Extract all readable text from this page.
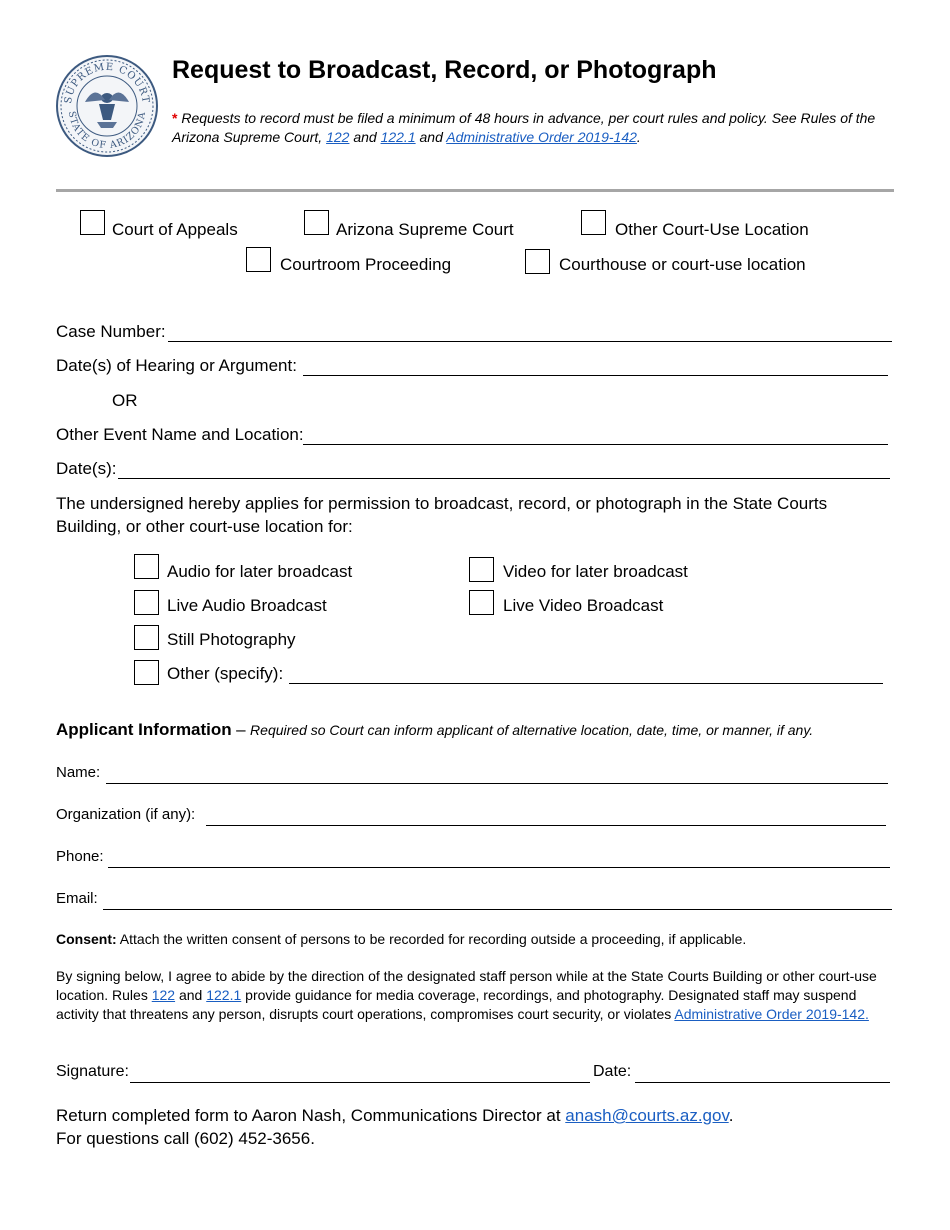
SUPREME COURT
STATE OF ARIZONA
Request to Broadcast, Record, or Photograph
* Requests to record must be filed a minimum of 48 hours in advance, per court rules and policy. See Rules of the Arizona Supreme Court, 122 and 122.1 and Administrative Order 2019-142.
Court of Appeals	Arizona Supreme Court	Other Court-Use Location
Courtroom Proceeding	Courthouse or court-use location
Case Number:
Date(s) of Hearing or Argument:
OR
Other Event Name and Location:
Date(s):
The undersigned hereby applies for permission to broadcast, record, or photograph in the State Courts Building, or other court-use location for:
Audio for later broadcast	Video for later broadcast
Live Audio Broadcast	Live Video Broadcast
Still Photography
Other (specify):
Applicant Information – Required so Court can inform applicant of alternative location, date, time, or manner, if any.
Name:
Organization (if any):
Phone:
Email:
Consent: Attach the written consent of persons to be recorded for recording outside a proceeding, if applicable.
By signing below, I agree to abide by the direction of the designated staff person while at the State Courts Building or other court-use location. Rules 122 and 122.1 provide guidance for media coverage, recordings, and photography. Designated staff may suspend activity that threatens any person, disrupts court operations, compromises court security, or violates Administrative Order 2019-142.
Signature:	Date:
Return completed form to Aaron Nash, Communications Director at anash@courts.az.gov.
For questions call (602) 452-3656.
